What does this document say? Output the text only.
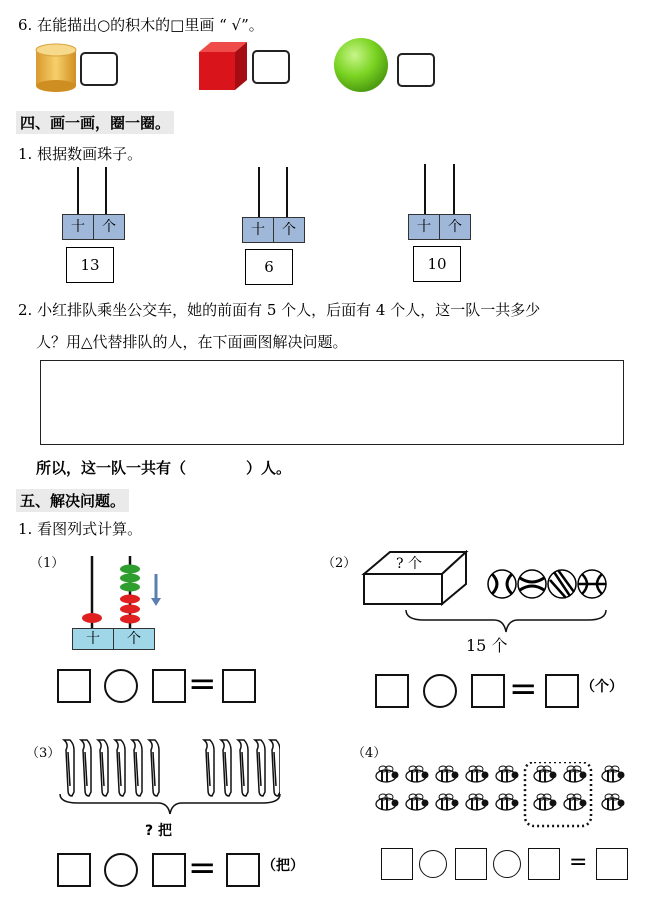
6. 在能描出○的积木的□里画 “ √”。
四、画一画，圈一圈。
1. 根据数画珠子。
十	个
13
十	个
6
十	个
10
2. 小红排队乘坐公交车，她的前面有 5 个人，后面有 4 个人，这一队一共多少
人？用△代替排队的人，在下面画图解决问题。
所以，这一队一共有（　　　　）人。
五、解决问题。
1. 看图列式计算。
（1）
十	个
=
（2）	? 个
15 个
=	（个）
（3）
? 把
=	（把）
（4）
=
